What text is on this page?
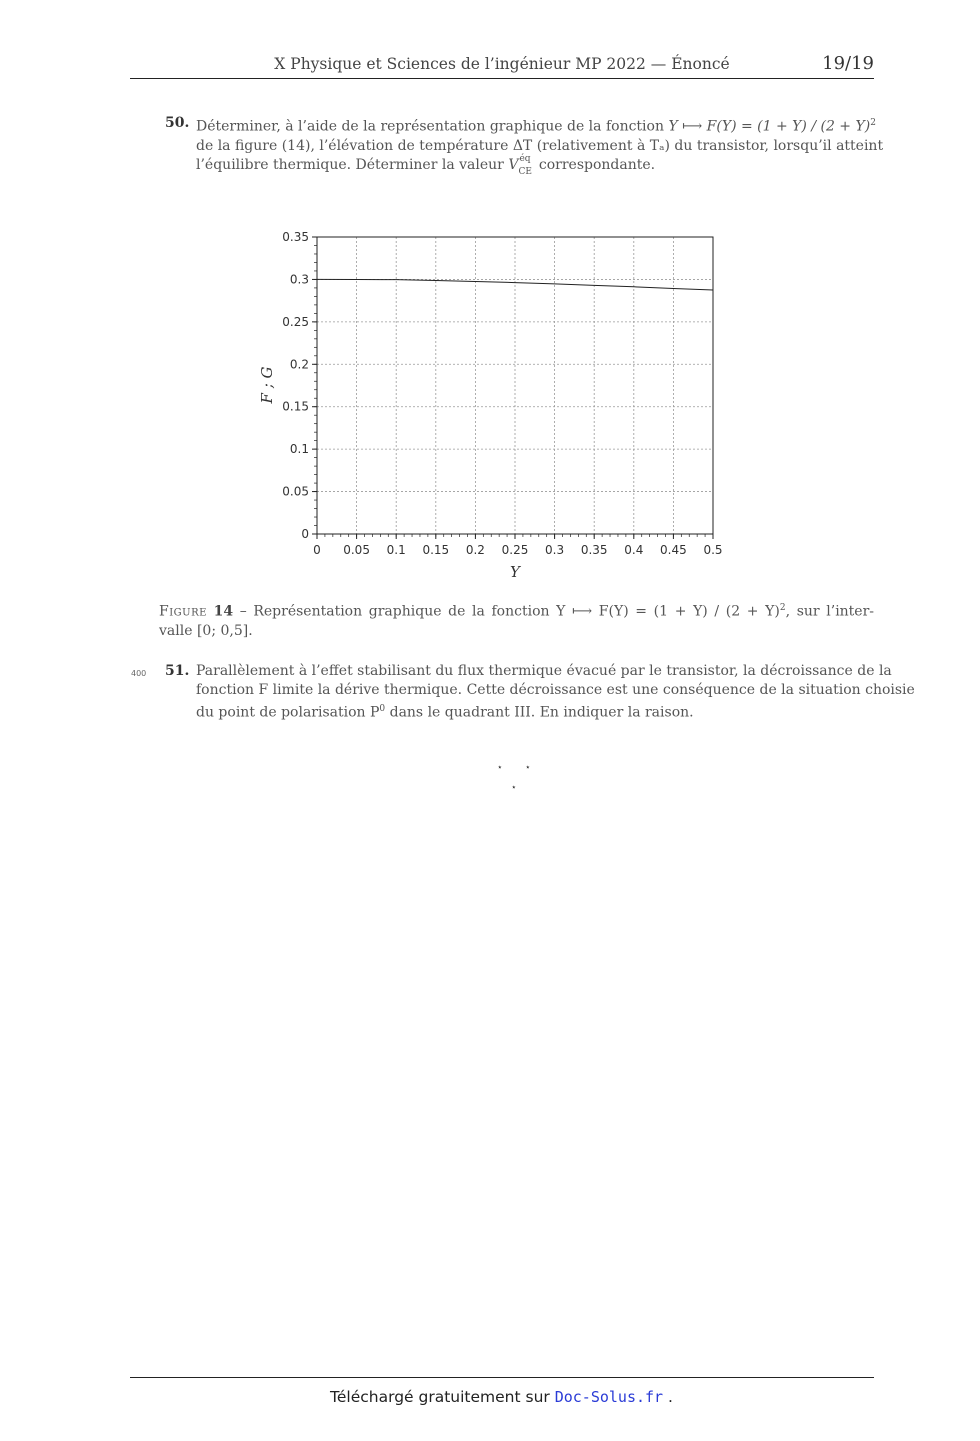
X Physique et Sciences de l’ingénieur MP 2022 — Énoncé	19/19
50. Déterminer, à l’aide de la représentation graphique de la fonction Y ⟼ $F(Y) = (1 + Y) / (2 + Y)^2$
de la figure (14), l’élévation de température ΔT (relativement à Tₐ) du transistor, lorsqu’il atteint
l’équilibre thermique. Déterminer la valeur V éq
CE correspondante.
0 0.05 0.1 0.15 0.2 0.25 0.3 0.35 0.4 0.45 0.5
0
0.05
0.1
0.15
0.2
0.25
0.3
0.35
Y
F ; G
Figure 14 – Représentation graphique de la fonction Y ⟼ $F(Y) = (1 + Y) / (2 + Y)^2$, sur l’inter-
valle [0; 0,5].
400 51. Parallèlement à l’effet stabilisant du flux thermique évacué par le transistor, la décroissance de la
fonction F limite la dérive thermique. Cette décroissance est une conséquence de la situation choisie
du point de polarisation $P^0$ dans le quadrant III. En indiquer la raison.
⋆ ⋆
⋆
Téléchargé gratuitement sur Doc-Solus.fr .
